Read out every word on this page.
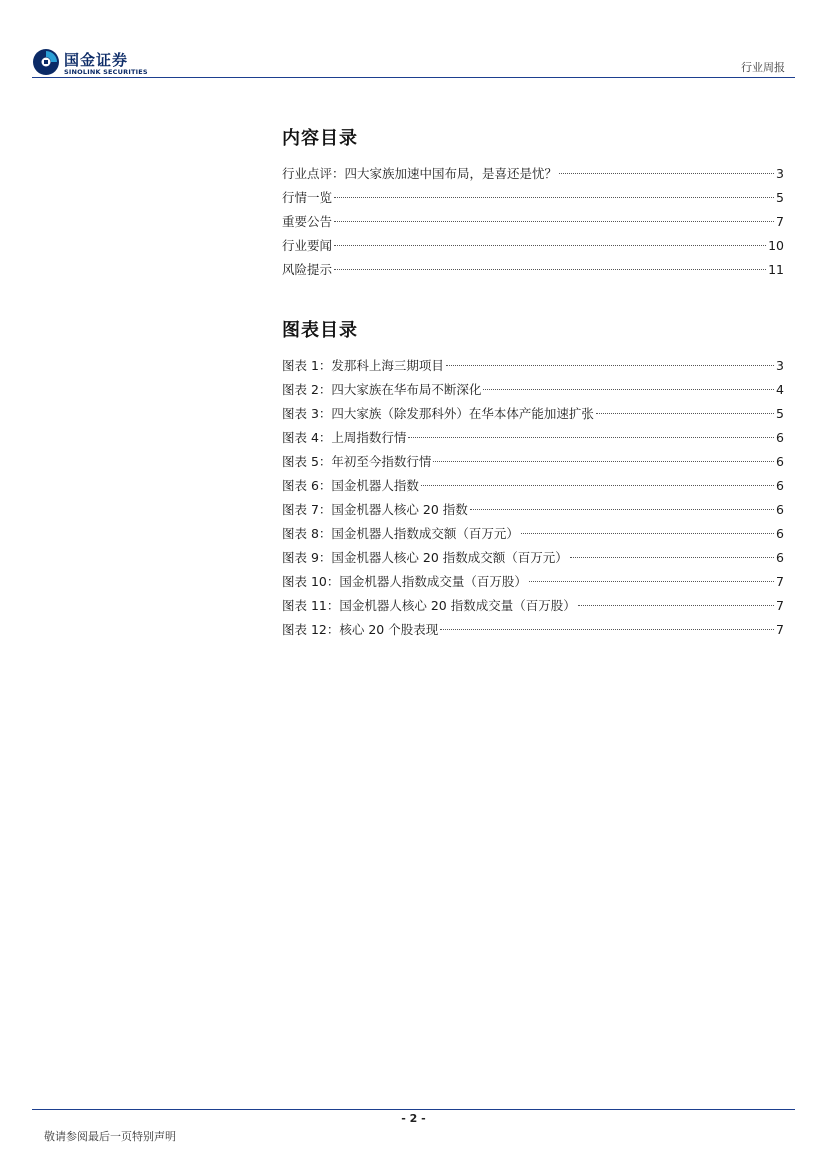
国金证券
SINOLINK SECURITIES	行业周报
内容目录
行业点评：四大家族加速中国布局，是喜还是忧？	3
行情一览	5
重要公告	7
行业要闻	10
风险提示	11
图表目录
图表 1：发那科上海三期项目	3
图表 2：四大家族在华布局不断深化	4
图表 3：四大家族（除发那科外）在华本体产能加速扩张	5
图表 4：上周指数行情	6
图表 5：年初至今指数行情	6
图表 6：国金机器人指数	6
图表 7：国金机器人核心 20 指数	6
图表 8：国金机器人指数成交额（百万元）	6
图表 9：国金机器人核心 20 指数成交额（百万元）	6
图表 10：国金机器人指数成交量（百万股）	7
图表 11：国金机器人核心 20 指数成交量（百万股）	7
图表 12：核心 20 个股表现	7
- 2 -
敬请参阅最后一页特别声明
